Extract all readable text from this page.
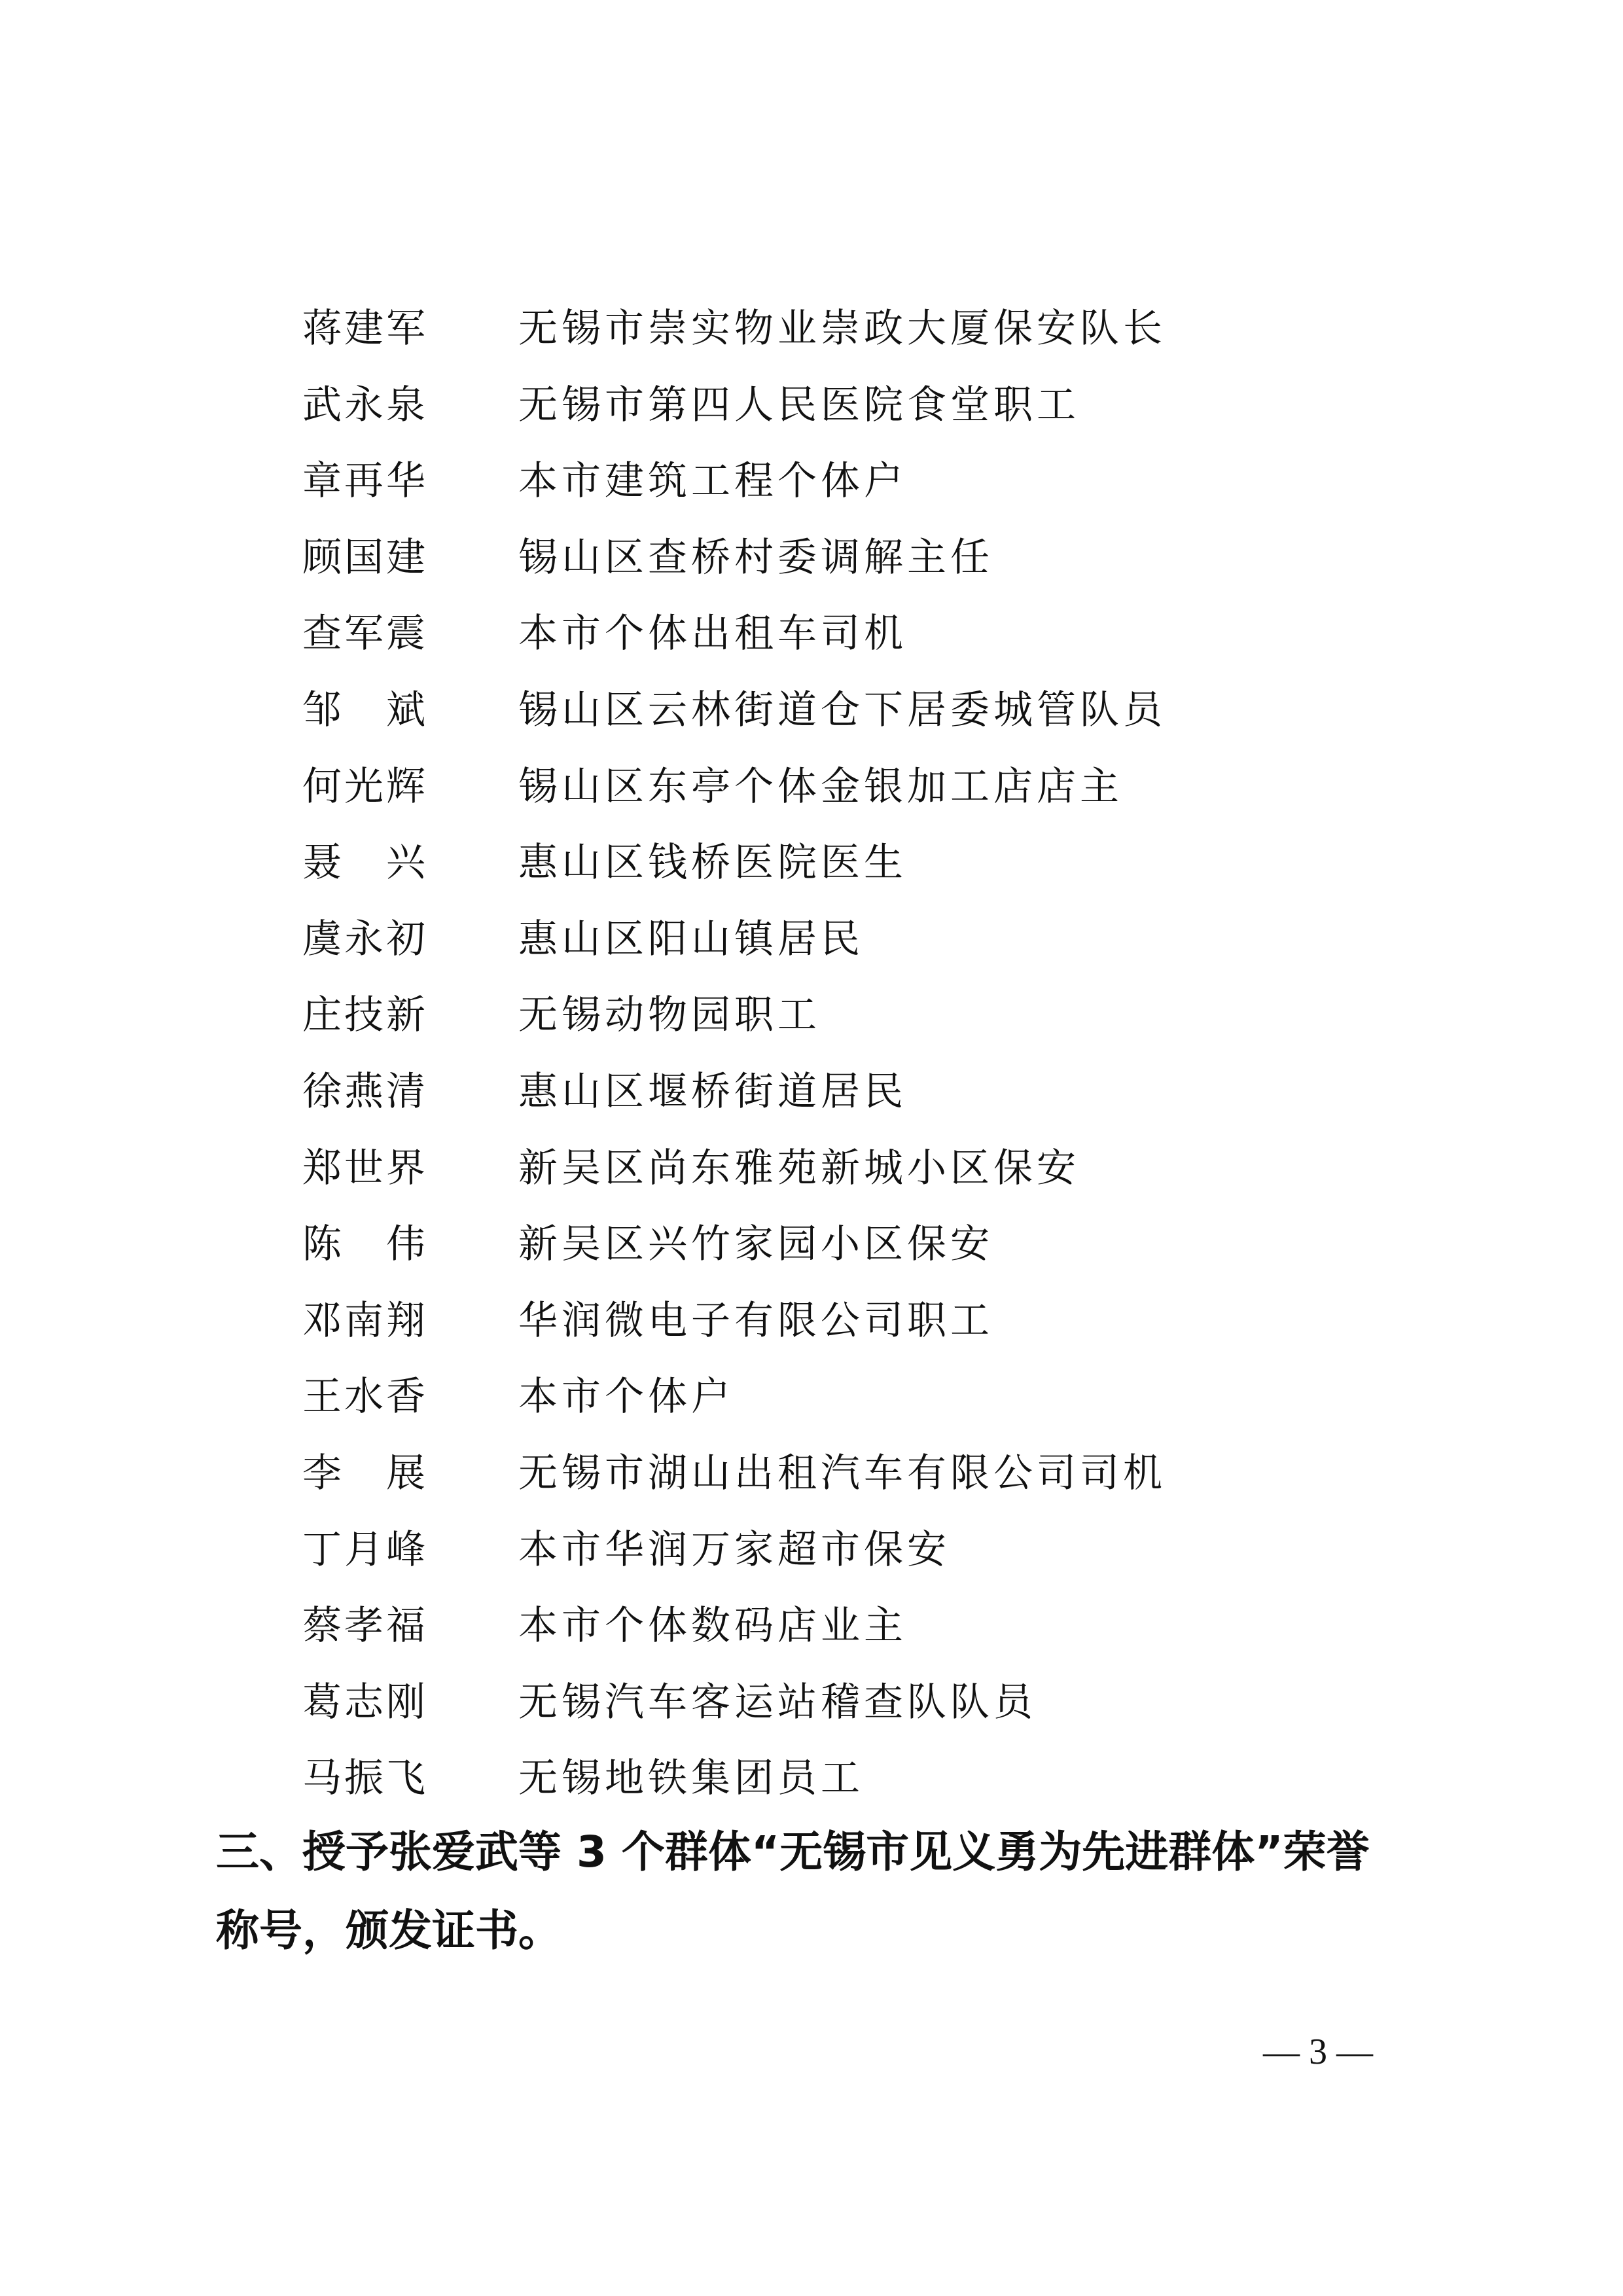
蒋建军 无锡市崇实物业崇政大厦保安队长
武永泉 无锡市第四人民医院食堂职工
章再华 本市建筑工程个体户
顾国建 锡山区查桥村委调解主任
查军震 本市个体出租车司机
邹　斌 锡山区云林街道仓下居委城管队员
何光辉 锡山区东亭个体金银加工店店主
聂　兴 惠山区钱桥医院医生
虞永初 惠山区阳山镇居民
庄技新 无锡动物园职工
徐燕清 惠山区堰桥街道居民
郑世界 新吴区尚东雅苑新城小区保安
陈　伟 新吴区兴竹家园小区保安
邓南翔 华润微电子有限公司职工
王水香 本市个体户
李　展 无锡市湖山出租汽车有限公司司机
丁月峰 本市华润万家超市保安
蔡孝福 本市个体数码店业主
葛志刚 无锡汽车客运站稽查队队员
马振飞 无锡地铁集团员工
三、授予张爱武等 3 个群体“无锡市见义勇为先进群体”荣誉
称号，颁发证书。
— 3 —
